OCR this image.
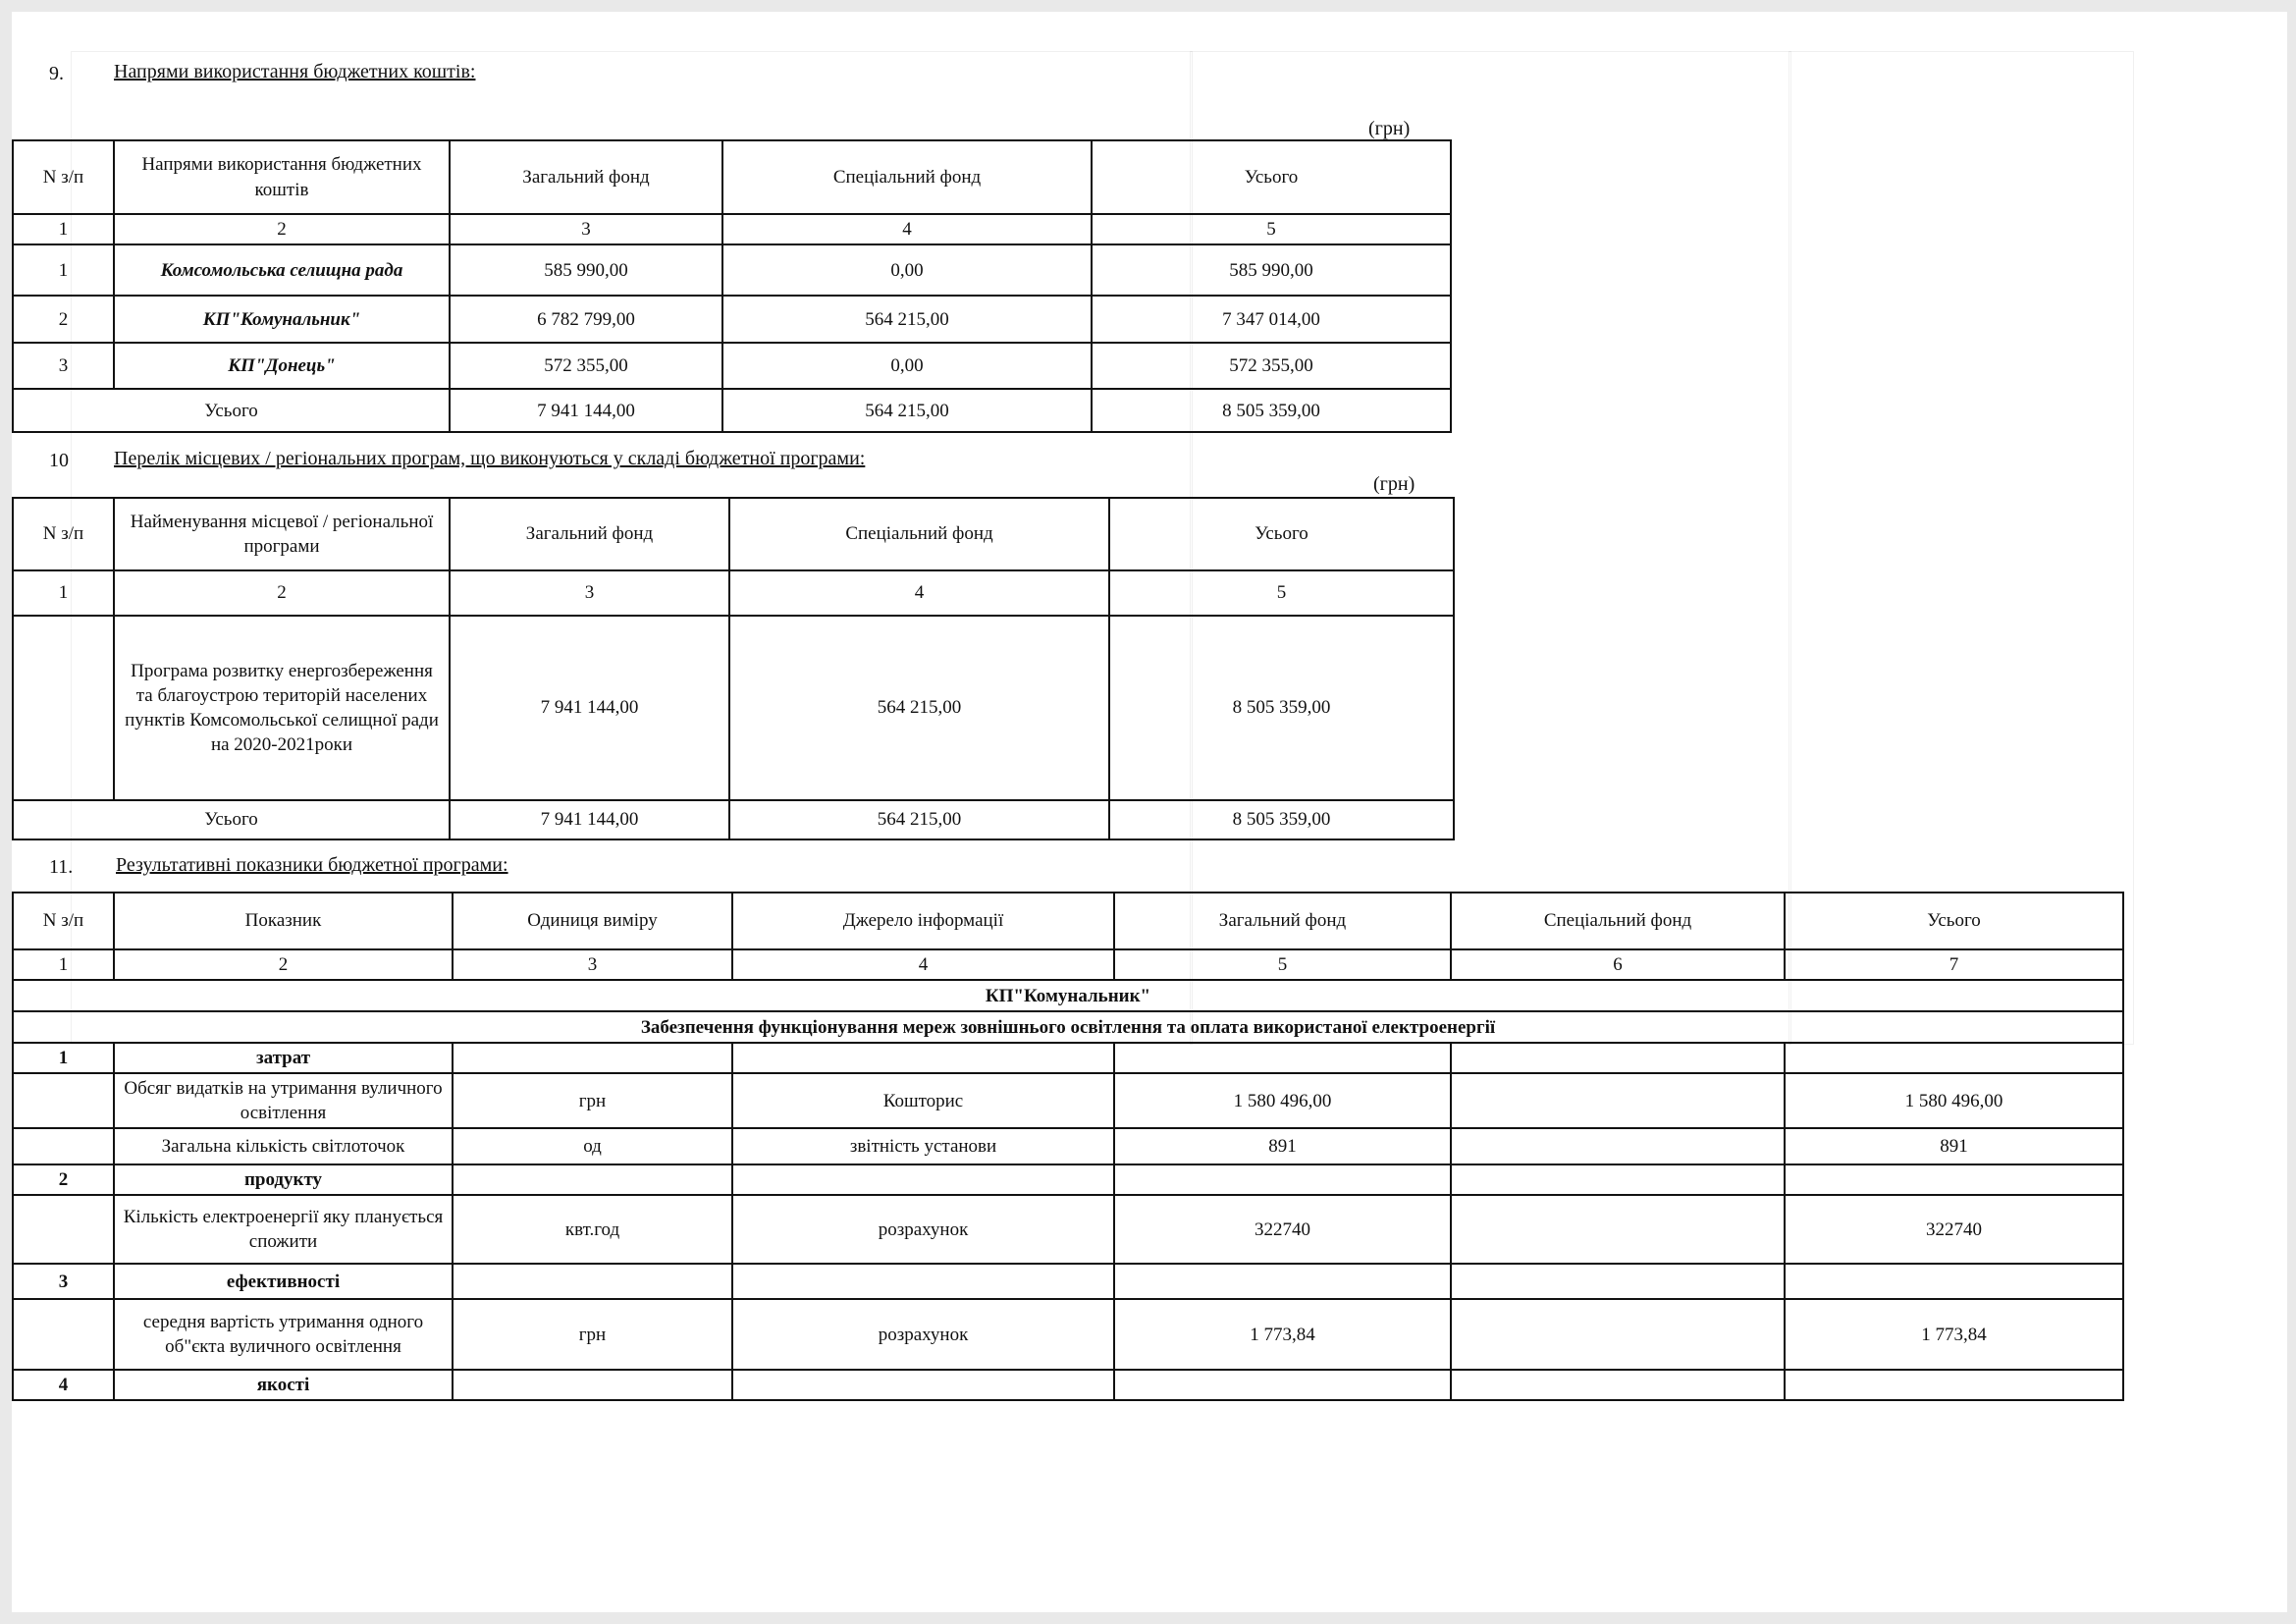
9.	Напрями використання бюджетних коштів:
(грн)
N з/п	Напрями використання бюджетних коштів	Загальний фонд	Спеціальний фонд	Усього
1	2	3	4	5
1	Комсомольська селищна рада	585 990,00	0,00	585 990,00
2	КП"Комунальник"	6 782 799,00	564 215,00	7 347 014,00
3	КП"Донець"	572 355,00	0,00	572 355,00
Усього		7 941 144,00	564 215,00	8 505 359,00
10 Перелік місцевих / регіональних програм, що виконуються у складі бюджетної програми:
(грн)
N з/п	Найменування місцевої / регіональної програми	Загальний фонд	Спеціальний фонд	Усього
1	2	3	4	5
	Програма розвитку енергозбереження та благоустрою територій населених пунктів Комсомольської селищної ради на 2020-2021роки	7 941 144,00	564 215,00	8 505 359,00
Усього		7 941 144,00	564 215,00	8 505 359,00
11. Результативні показники бюджетної програми:
N з/п	Показник	Одиниця виміру	Джерело інформації	Загальний фонд	Спеціальний фонд	Усього
1	2	3	4	5	6	7
КП"Комунальник"						
Забезпечення функціонування мереж зовнішнього освітлення та оплата використаної електроенергії						
1	затрат					
	Обсяг видатків на утримання вуличного освітлення	грн	Кошторис	1 580 496,00		1 580 496,00
	Загальна кількість світлоточок	од	звітність установи	891		891
2	продукту					
	Кількість електроенергії яку планується спожити	квт.год	розрахунок	322740		322740
3	ефективності					
	середня вартість утримання одного об"єкта вуличного освітлення	грн	розрахунок	1 773,84		1 773,84
4	якості					
